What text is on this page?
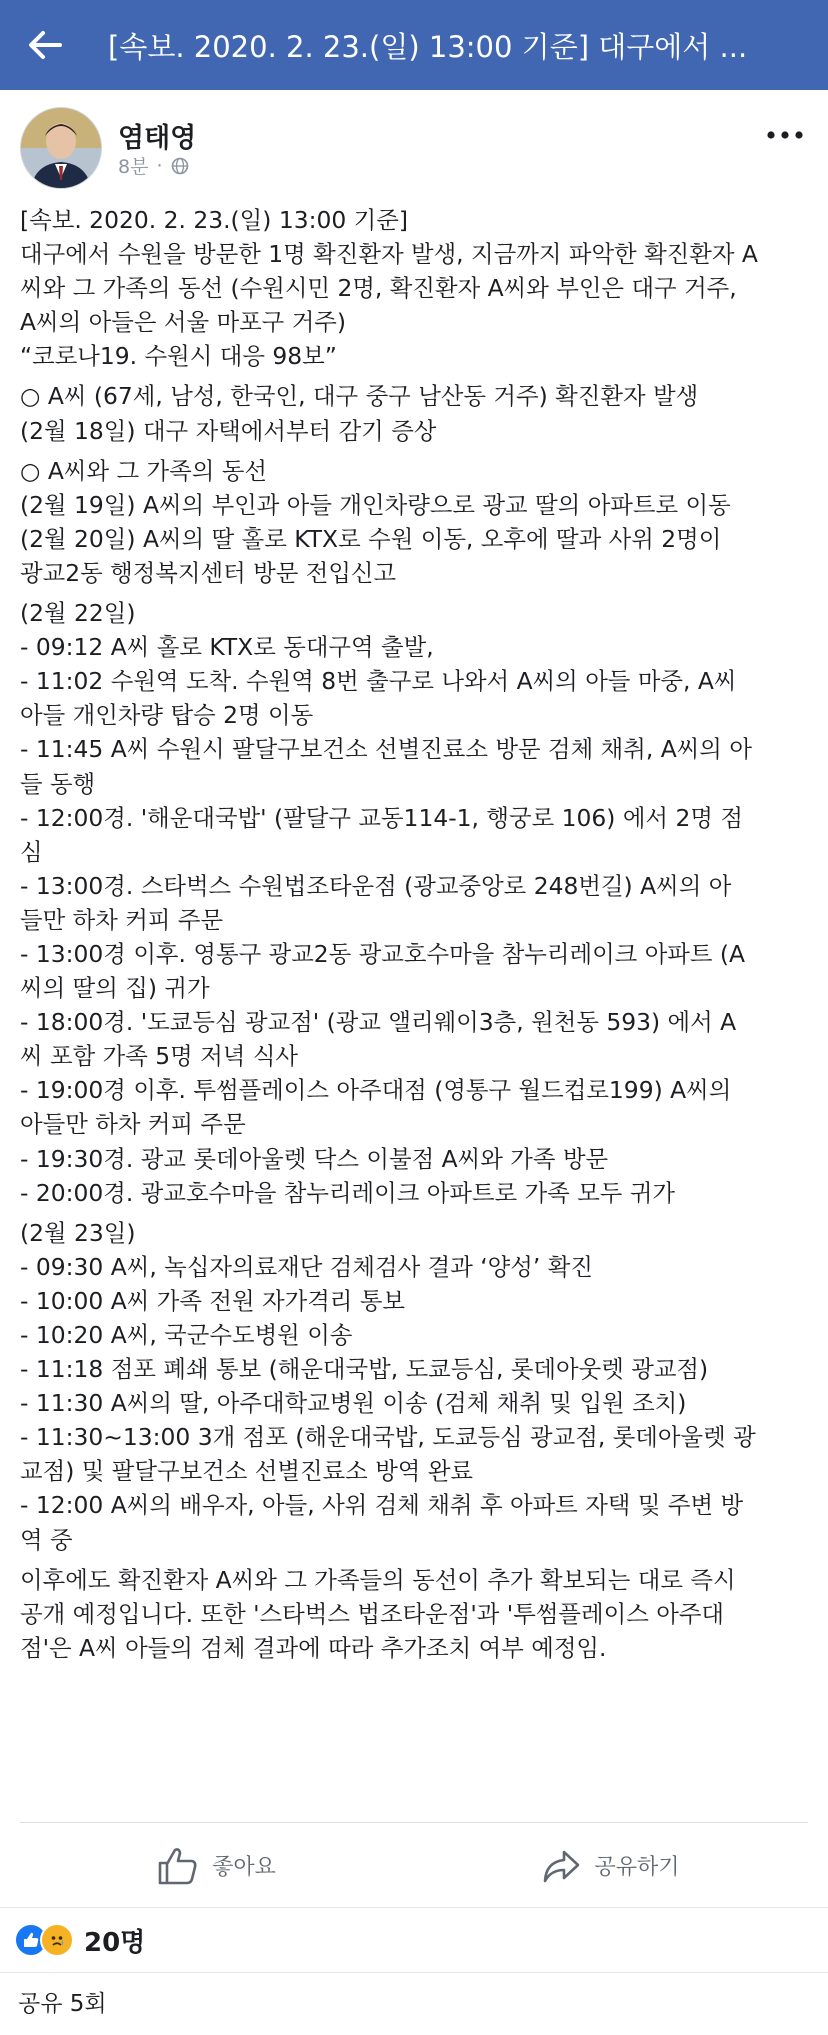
[속보. 2020. 2. 23.(일) 13:00 기준] 대구에서 ...
염태영
8분 ·
[속보. 2020. 2. 23.(일) 13:00 기준]
대구에서 수원을 방문한 1명 확진환자 발생, 지금까지 파악한 확진환자 A
씨와 그 가족의 동선 (수원시민 2명, 확진환자 A씨와 부인은 대구 거주,
A씨의 아들은 서울 마포구 거주)
“코로나19. 수원시 대응 98보”
○ A씨 (67세, 남성, 한국인, 대구 중구 남산동 거주) 확진환자 발생
(2월 18일) 대구 자택에서부터 감기 증상
○ A씨와 그 가족의 동선
(2월 19일) A씨의 부인과 아들 개인차량으로 광교 딸의 아파트로 이동
(2월 20일) A씨의 딸 홀로 KTX로 수원 이동, 오후에 딸과 사위 2명이
광교2동 행정복지센터 방문 전입신고
(2월 22일)
- 09:12 A씨 홀로 KTX로 동대구역 출발,
- 11:02 수원역 도착. 수원역 8번 출구로 나와서 A씨의 아들 마중, A씨
아들 개인차량 탑승 2명 이동
- 11:45 A씨 수원시 팔달구보건소 선별진료소 방문 검체 채취, A씨의 아
들 동행
- 12:00경. '해운대국밥' (팔달구 교동114-1, 행궁로 106) 에서 2명 점
심
- 13:00경. 스타벅스 수원법조타운점 (광교중앙로 248번길) A씨의 아
들만 하차 커피 주문
- 13:00경 이후. 영통구 광교2동 광교호수마을 참누리레이크 아파트 (A
씨의 딸의 집) 귀가
- 18:00경. '도쿄등심 광교점' (광교 앨리웨이3층, 원천동 593) 에서 A
씨 포함 가족 5명 저녁 식사
- 19:00경 이후. 투썸플레이스 아주대점 (영통구 월드컵로199) A씨의
아들만 하차 커피 주문
- 19:30경. 광교 롯데아울렛 닥스 이불점 A씨와 가족 방문
- 20:00경. 광교호수마을 참누리레이크 아파트로 가족 모두 귀가
(2월 23일)
- 09:30 A씨, 녹십자의료재단 검체검사 결과 ‘양성’ 확진
- 10:00 A씨 가족 전원 자가격리 통보
- 10:20 A씨, 국군수도병원 이송
- 11:18 점포 폐쇄 통보 (해운대국밥, 도쿄등심, 롯데아웃렛 광교점)
- 11:30 A씨의 딸, 아주대학교병원 이송 (검체 채취 및 입원 조치)
- 11:30~13:00 3개 점포 (해운대국밥, 도쿄등심 광교점, 롯데아울렛 광
교점) 및 팔달구보건소 선별진료소 방역 완료
- 12:00 A씨의 배우자, 아들, 사위 검체 채취 후 아파트 자택 및 주변 방
역 중
이후에도 확진환자 A씨와 그 가족들의 동선이 추가 확보되는 대로 즉시
공개 예정입니다. 또한 '스타벅스 법조타운점'과 '투썸플레이스 아주대
점'은 A씨 아들의 검체 결과에 따라 추가조치 여부 예정임.
좋아요	공유하기
20명
공유 5회
